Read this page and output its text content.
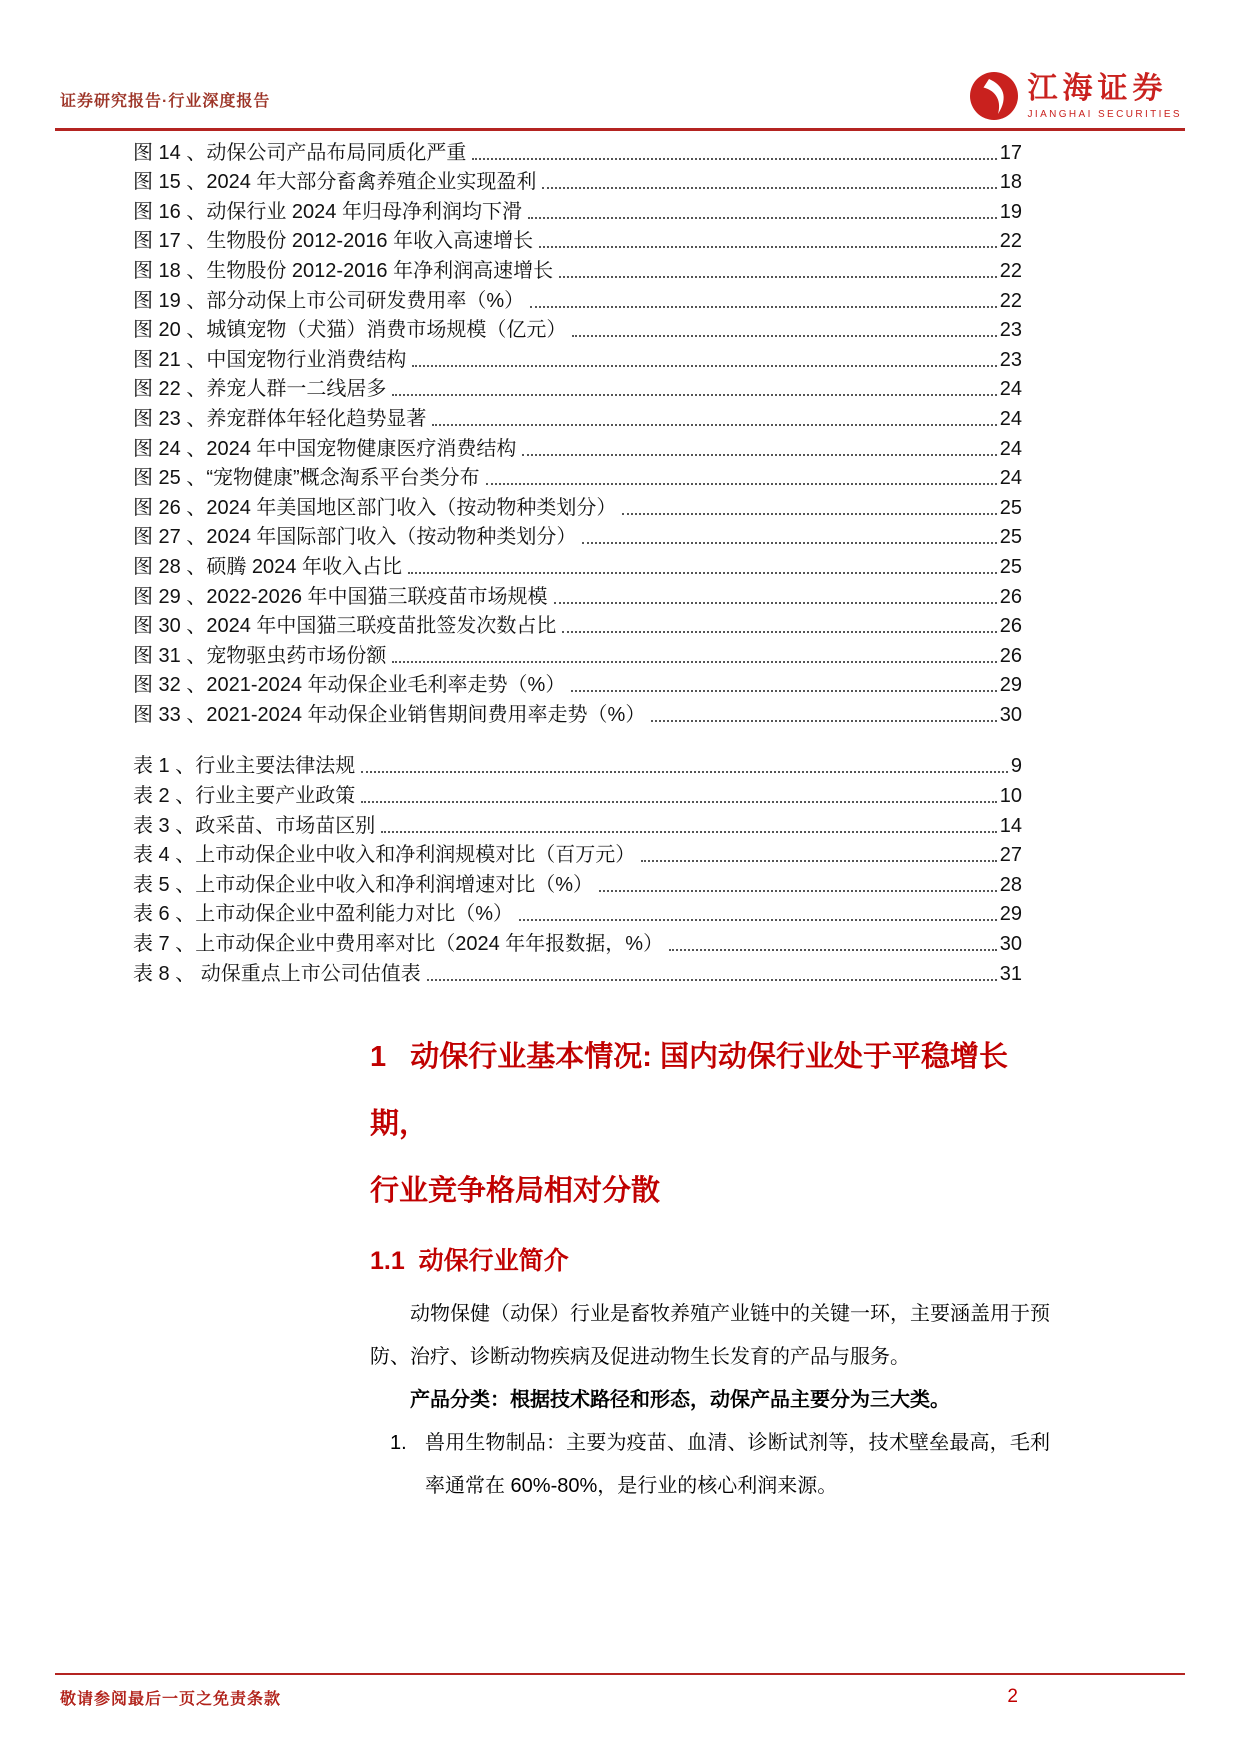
证券研究报告·行业深度报告	江海证券
JIANGHAI SECURITIES
图 14 、动保公司产品布局同质化严重	17
图 15 、2024 年大部分畜禽养殖企业实现盈利	18
图 16 、动保行业 2024 年归母净利润均下滑	19
图 17 、生物股份 2012-2016 年收入高速增长	22
图 18 、生物股份 2012-2016 年净利润高速增长	22
图 19 、部分动保上市公司研发费用率（%）	22
图 20 、城镇宠物（犬猫）消费市场规模（亿元）	23
图 21 、中国宠物行业消费结构	23
图 22 、养宠人群一二线居多	24
图 23 、养宠群体年轻化趋势显著	24
图 24 、2024 年中国宠物健康医疗消费结构	24
图 25 、“宠物健康”概念淘系平台类分布	24
图 26 、2024 年美国地区部门收入（按动物种类划分）	25
图 27 、2024 年国际部门收入（按动物种类划分）	25
图 28 、硕腾 2024 年收入占比	25
图 29 、2022-2026 年中国猫三联疫苗市场规模	26
图 30 、2024 年中国猫三联疫苗批签发次数占比	26
图 31 、宠物驱虫药市场份额	26
图 32 、2021-2024 年动保企业毛利率走势（%）	29
图 33 、2021-2024 年动保企业销售期间费用率走势（%）	30
表 1 、行业主要法律法规	9
表 2 、行业主要产业政策	10
表 3 、政采苗、市场苗区别	14
表 4 、上市动保企业中收入和净利润规模对比（百万元）	27
表 5 、上市动保企业中收入和净利润增速对比（%）	28
表 6 、上市动保企业中盈利能力对比（%）	29
表 7 、上市动保企业中费用率对比（2024 年年报数据，%）	30
表 8 、 动保重点上市公司估值表	31
1   动保行业基本情况: 国内动保行业处于平稳增长期，
行业竞争格局相对分散
1.1  动保行业简介

动物保健（动保）行业是畜牧养殖产业链中的关键一环，主要涵盖用于预防、治疗、诊断动物疾病及促进动物生长发育的产品与服务。

产品分类：根据技术路径和形态，动保产品主要分为三大类。

1. 兽用生物制品：主要为疫苗、血清、诊断试剂等，技术壁垒最高，毛利率通常在 60%-80%，是行业的核心利润来源。
敬请参阅最后一页之免责条款	2
